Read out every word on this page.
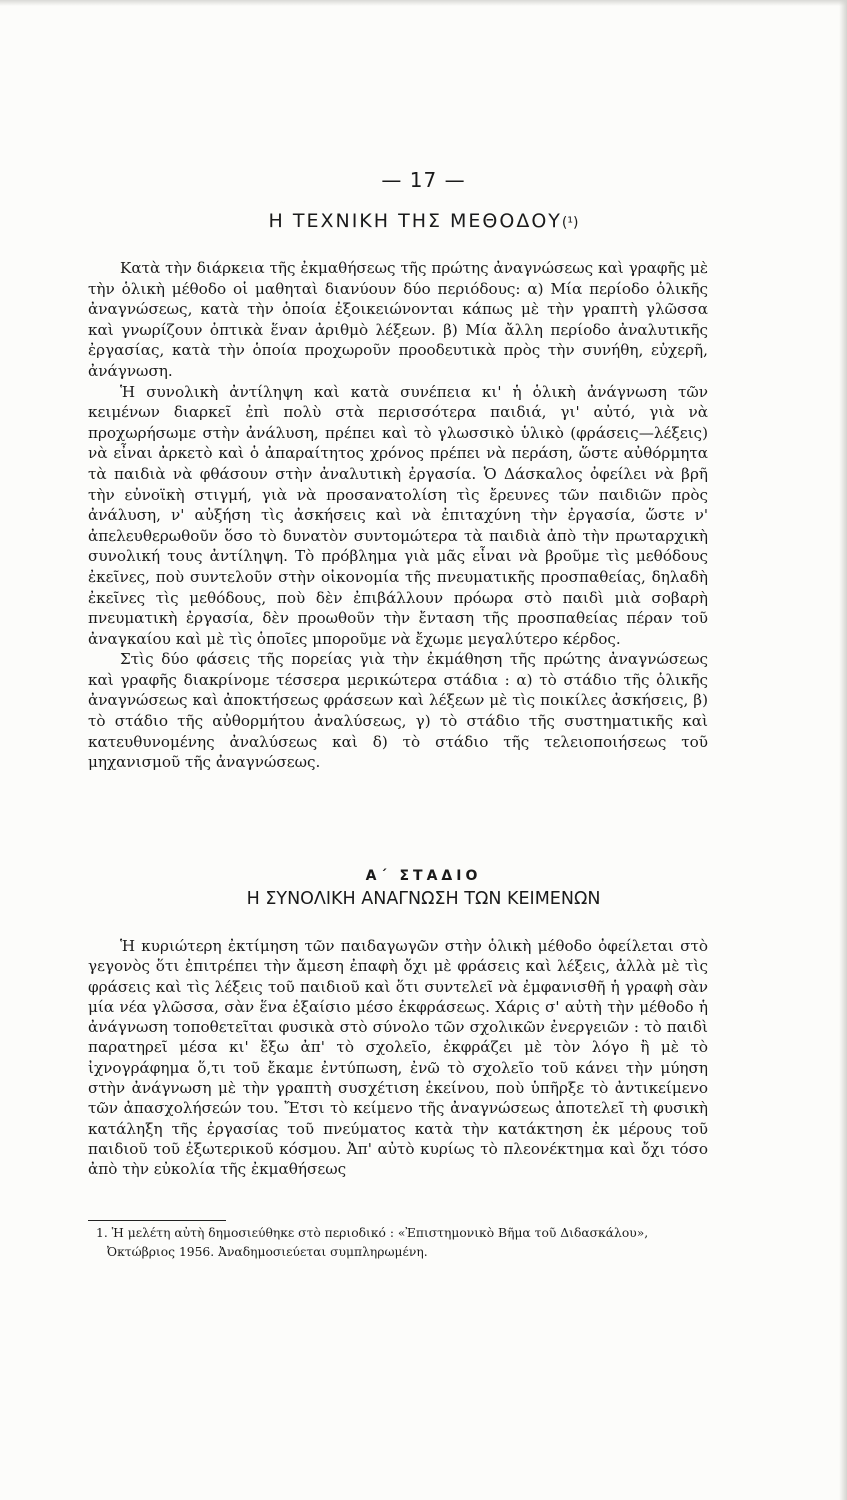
— 17 —
Η ΤΕΧΝΙΚΗ ΤΗΣ ΜΕΘΟΔΟΥ(¹)

Κατὰ τὴν διάρκεια τῆς ἐκμαθήσεως τῆς πρώτης ἀναγνώσεως καὶ γραφῆς μὲ τὴν ὁλικὴ μέθοδο οἱ μαθηταὶ διανύουν δύο περιόδους: α) Μία περίοδο ὁλικῆς ἀναγνώσεως, κατὰ τὴν ὁποία ἐξοικειώνονται κάπως μὲ τὴν γραπτὴ γλῶσσα καὶ γνωρίζουν ὀπτικὰ ἕναν ἀριθμὸ λέξεων. β) Μία ἄλλη περίοδο ἀναλυτικῆς ἐργασίας, κατὰ τὴν ὁποία προχωροῦν προοδευτικὰ πρὸς τὴν συνήθη, εὐχερῆ, ἀνάγνωση.

Ἡ συνολικὴ ἀντίληψη καὶ κατὰ συνέπεια κι' ἡ ὁλικὴ ἀνάγνωση τῶν κειμένων διαρκεῖ ἐπὶ πολὺ στὰ περισσότερα παιδιά, γι' αὐτό, γιὰ νὰ προχωρήσωμε στὴν ἀνάλυση, πρέπει καὶ τὸ γλωσσικὸ ὑλικὸ (φράσεις—λέξεις) νὰ εἶναι ἀρκετὸ καὶ ὁ ἀπαραίτητος χρόνος πρέπει νὰ περάση, ὥστε αὐθόρμητα τὰ παιδιὰ νὰ φθάσουν στὴν ἀναλυτικὴ ἐργασία. Ὁ Δάσκαλος ὀφείλει νὰ βρῆ τὴν εὐνοϊκὴ στιγμή, γιὰ νὰ προσανατολίση τὶς ἔρευνες τῶν παιδιῶν πρὸς ἀνάλυση, ν' αὐξήση τὶς ἀσκήσεις καὶ νὰ ἐπιταχύνη τὴν ἐργασία, ὥστε ν' ἀπελευθερωθοῦν ὅσο τὸ δυνατὸν συντομώτερα τὰ παιδιὰ ἀπὸ τὴν πρωταρχικὴ συνολική τους ἀντίληψη. Τὸ πρόβλημα γιὰ μᾶς εἶναι νὰ βροῦμε τὶς μεθόδους ἐκεῖνες, ποὺ συντελοῦν στὴν οἰκονομία τῆς πνευματικῆς προσπαθείας, δηλαδὴ ἐκεῖνες τὶς μεθόδους, ποὺ δὲν ἐπιβάλλουν πρόωρα στὸ παιδὶ μιὰ σοβαρὴ πνευματικὴ ἐργασία, δὲν προωθοῦν τὴν ἔνταση τῆς προσπαθείας πέραν τοῦ ἀναγκαίου καὶ μὲ τὶς ὁποῖες μποροῦμε νὰ ἔχωμε μεγαλύτερο κέρδος.

Στὶς δύο φάσεις τῆς πορείας γιὰ τὴν ἐκμάθηση τῆς πρώτης ἀναγνώσεως καὶ γραφῆς διακρίνομε τέσσερα μερικώτερα στάδια : α) τὸ στάδιο τῆς ὁλικῆς ἀναγνώσεως καὶ ἀποκτήσεως φράσεων καὶ λέξεων μὲ τὶς ποικίλες ἀσκήσεις, β) τὸ στάδιο τῆς αὐθορμήτου ἀναλύσεως, γ) τὸ στάδιο τῆς συστηματικῆς καὶ κατευθυνομένης ἀναλύσεως καὶ δ) τὸ στάδιο τῆς τελειοποιήσεως τοῦ μηχανισμοῦ τῆς ἀναγνώσεως.

Α΄ ΣΤΑΔΙΟ
Η ΣΥΝΟΛΙΚΗ ΑΝΑΓΝΩΣΗ ΤΩΝ ΚΕΙΜΕΝΩΝ

Ἡ κυριώτερη ἐκτίμηση τῶν παιδαγωγῶν στὴν ὁλικὴ μέθοδο ὀφείλεται στὸ γεγονὸς ὅτι ἐπιτρέπει τὴν ἄμεση ἐπαφὴ ὄχι μὲ φράσεις καὶ λέξεις, ἀλλὰ μὲ τὶς φράσεις καὶ τὶς λέξεις τοῦ παιδιοῦ καὶ ὅτι συντελεῖ νὰ ἐμφανισθῆ ἡ γραφὴ σὰν μία νέα γλῶσσα, σὰν ἕνα ἐξαίσιο μέσο ἐκφράσεως. Χάρις σ' αὐτὴ τὴν μέθοδο ἡ ἀνάγνωση τοποθετεῖται φυσικὰ στὸ σύνολο τῶν σχολικῶν ἐνεργειῶν : τὸ παιδὶ παρατηρεῖ μέσα κι' ἔξω ἀπ' τὸ σχολεῖο, ἐκφράζει μὲ τὸν λόγο ἢ μὲ τὸ ἰχνογράφημα ὅ,τι τοῦ ἔκαμε ἐντύπωση, ἐνῶ τὸ σχολεῖο τοῦ κάνει τὴν μύηση στὴν ἀνάγνωση μὲ τὴν γραπτὴ συσχέτιση ἐκείνου, ποὺ ὑπῆρξε τὸ ἀντικείμενο τῶν ἀπασχολήσεών του. Ἔτσι τὸ κείμενο τῆς ἀναγνώσεως ἀποτελεῖ τὴ φυσικὴ κατάληξη τῆς ἐργασίας τοῦ πνεύματος κατὰ τὴν κατάκτηση ἐκ μέρους τοῦ παιδιοῦ τοῦ ἐξωτερικοῦ κόσμου. Ἀπ' αὐτὸ κυρίως τὸ πλεονέκτημα καὶ ὄχι τόσο ἀπὸ τὴν εὐκολία τῆς ἐκμαθήσεως

1. Ἡ μελέτη αὐτὴ δημοσιεύθηκε στὸ περιοδικό : «Ἐπιστημονικὸ Βῆμα τοῦ Διδασκάλου»,
Ὀκτώβριος 1956. Ἀναδημοσιεύεται συμπληρωμένη.
